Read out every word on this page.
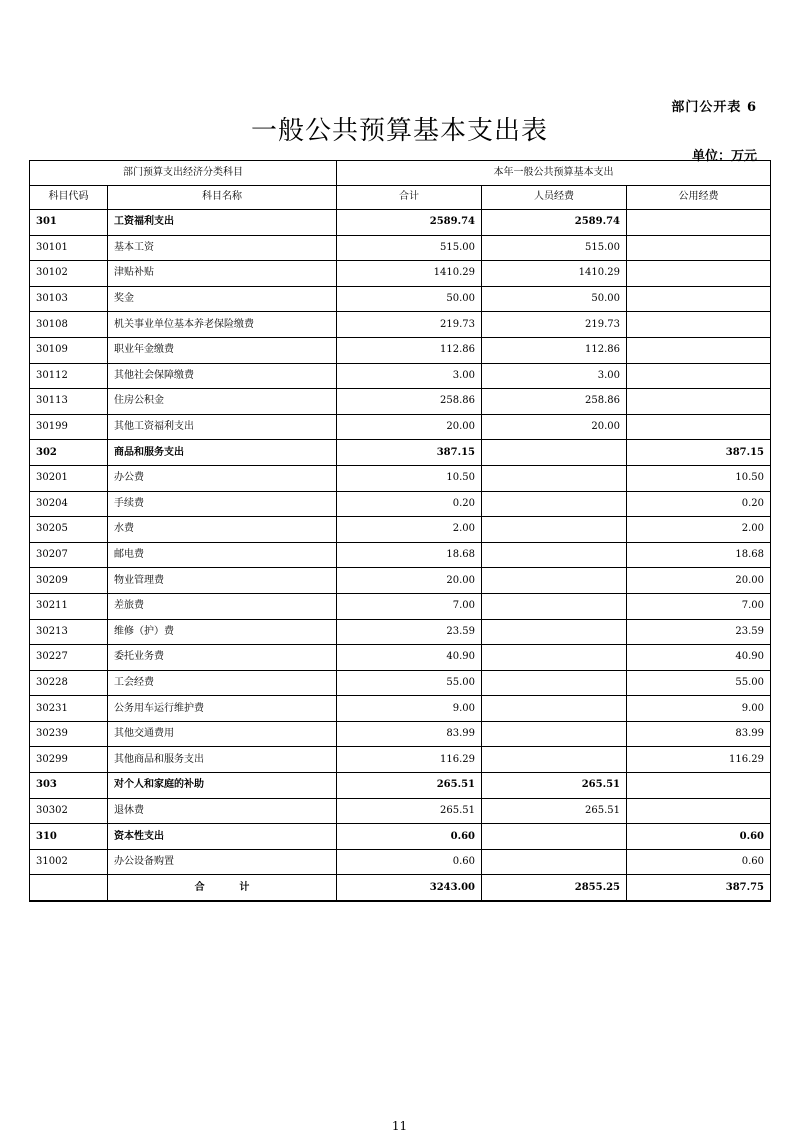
部门公开表 6
一般公共预算基本支出表
单位：万元
部门预算支出经济分类科目		本年一般公共预算基本支出		
科目代码	科目名称	合计	人员经费	公用经费
301	工资福利支出	2589.74	2589.74	
30101	基本工资	515.00	515.00	
30102	津贴补贴	1410.29	1410.29	
30103	奖金	50.00	50.00	
30108	机关事业单位基本养老保险缴费	219.73	219.73	
30109	职业年金缴费	112.86	112.86	
30112	其他社会保障缴费	3.00	3.00	
30113	住房公积金	258.86	258.86	
30199	其他工资福利支出	20.00	20.00	
302	商品和服务支出	387.15		387.15
30201	办公费	10.50		10.50
30204	手续费	0.20		0.20
30205	水费	2.00		2.00
30207	邮电费	18.68		18.68
30209	物业管理费	20.00		20.00
30211	差旅费	7.00		7.00
30213	维修（护）费	23.59		23.59
30227	委托业务费	40.90		40.90
30228	工会经费	55.00		55.00
30231	公务用车运行维护费	9.00		9.00
30239	其他交通费用	83.99		83.99
30299	其他商品和服务支出	116.29		116.29
303	对个人和家庭的补助	265.51	265.51	
30302	退休费	265.51	265.51	
310	资本性支出	0.60		0.60
31002	办公设备购置	0.60		0.60
	合          计	3243.00	2855.25	387.75
11
